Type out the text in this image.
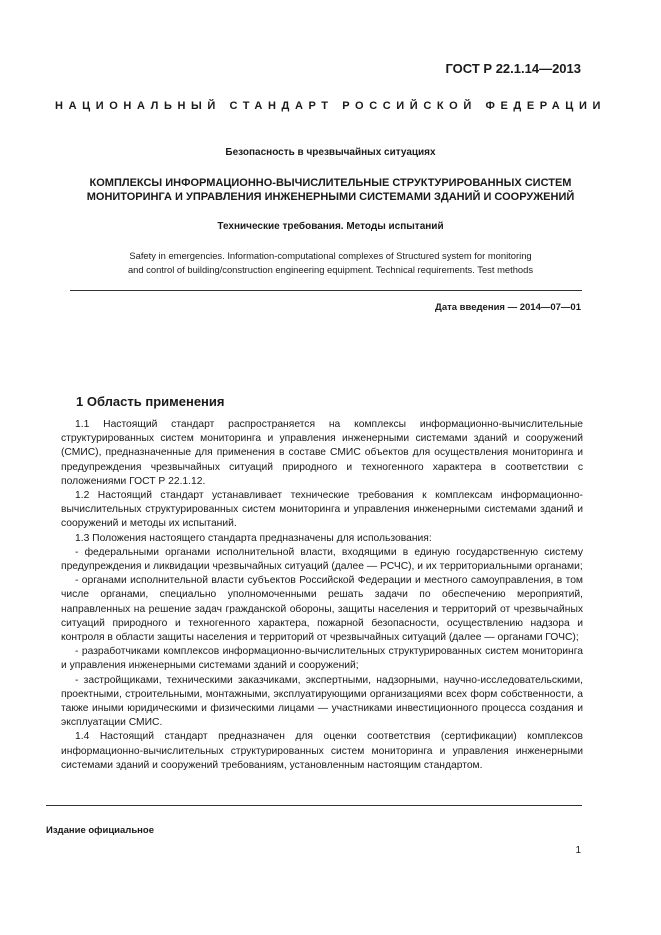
ГОСТ Р 22.1.14—2013
НАЦИОНАЛЬНЫЙ СТАНДАРТ РОССИЙСКОЙ ФЕДЕРАЦИИ
Безопасность в чрезвычайных ситуациях
КОМПЛЕКСЫ ИНФОРМАЦИОННО-ВЫЧИСЛИТЕЛЬНЫЕ СТРУКТУРИРОВАННЫХ СИСТЕМ
МОНИТОРИНГА И УПРАВЛЕНИЯ ИНЖЕНЕРНЫМИ СИСТЕМАМИ ЗДАНИЙ И СООРУЖЕНИЙ
Технические требования. Методы испытаний
Safety in emergencies. Information-computational complexes of Structured system for monitoring
and control of building/construction engineering equipment. Technical requirements. Test methods
Дата введения — 2014—07—01
1 Область применения

1.1 Настоящий стандарт распространяется на комплексы информационно-вычислительные структурированных систем мониторинга и управления инженерными системами зданий и сооружений (СМИС), предназначенные для применения в составе СМИС объектов для осуществления мониторинга и предупреждения чрезвычайных ситуаций природного и техногенного характера в соответствии с положениями ГОСТ Р 22.1.12.

1.2 Настоящий стандарт устанавливает технические требования к комплексам информационно-вычислительных структурированных систем мониторинга и управления инженерными системами зданий и сооружений и методы их испытаний.

1.3 Положения настоящего стандарта предназначены для использования:

- федеральными органами исполнительной власти, входящими в единую государственную систему предупреждения и ликвидации чрезвычайных ситуаций (далее — РСЧС), и их территориальными органами;

- органами исполнительной власти субъектов Российской Федерации и местного самоуправления, в том числе органами, специально уполномоченными решать задачи по обеспечению мероприятий, направленных на решение задач гражданской обороны, защиты населения и территорий от чрезвычайных ситуаций природного и техногенного характера, пожарной безопасности, осуществлению надзора и контроля в области защиты населения и территорий от чрезвычайных ситуаций (далее — органами ГОЧС);

- разработчиками комплексов информационно-вычислительных структурированных систем мониторинга и управления инженерными системами зданий и сооружений;

- застройщиками, техническими заказчиками, экспертными, надзорными, научно-исследовательскими, проектными, строительными, монтажными, эксплуатирующими организациями всех форм собственности, а также иными юридическими и физическими лицами — участниками инвестиционного процесса создания и эксплуатации СМИС.

1.4 Настоящий стандарт предназначен для оценки соответствия (сертификации) комплексов информационно-вычислительных структурированных систем мониторинга и управления инженерными системами зданий и сооружений требованиям, установленным настоящим стандартом.

Издание официальное
1
